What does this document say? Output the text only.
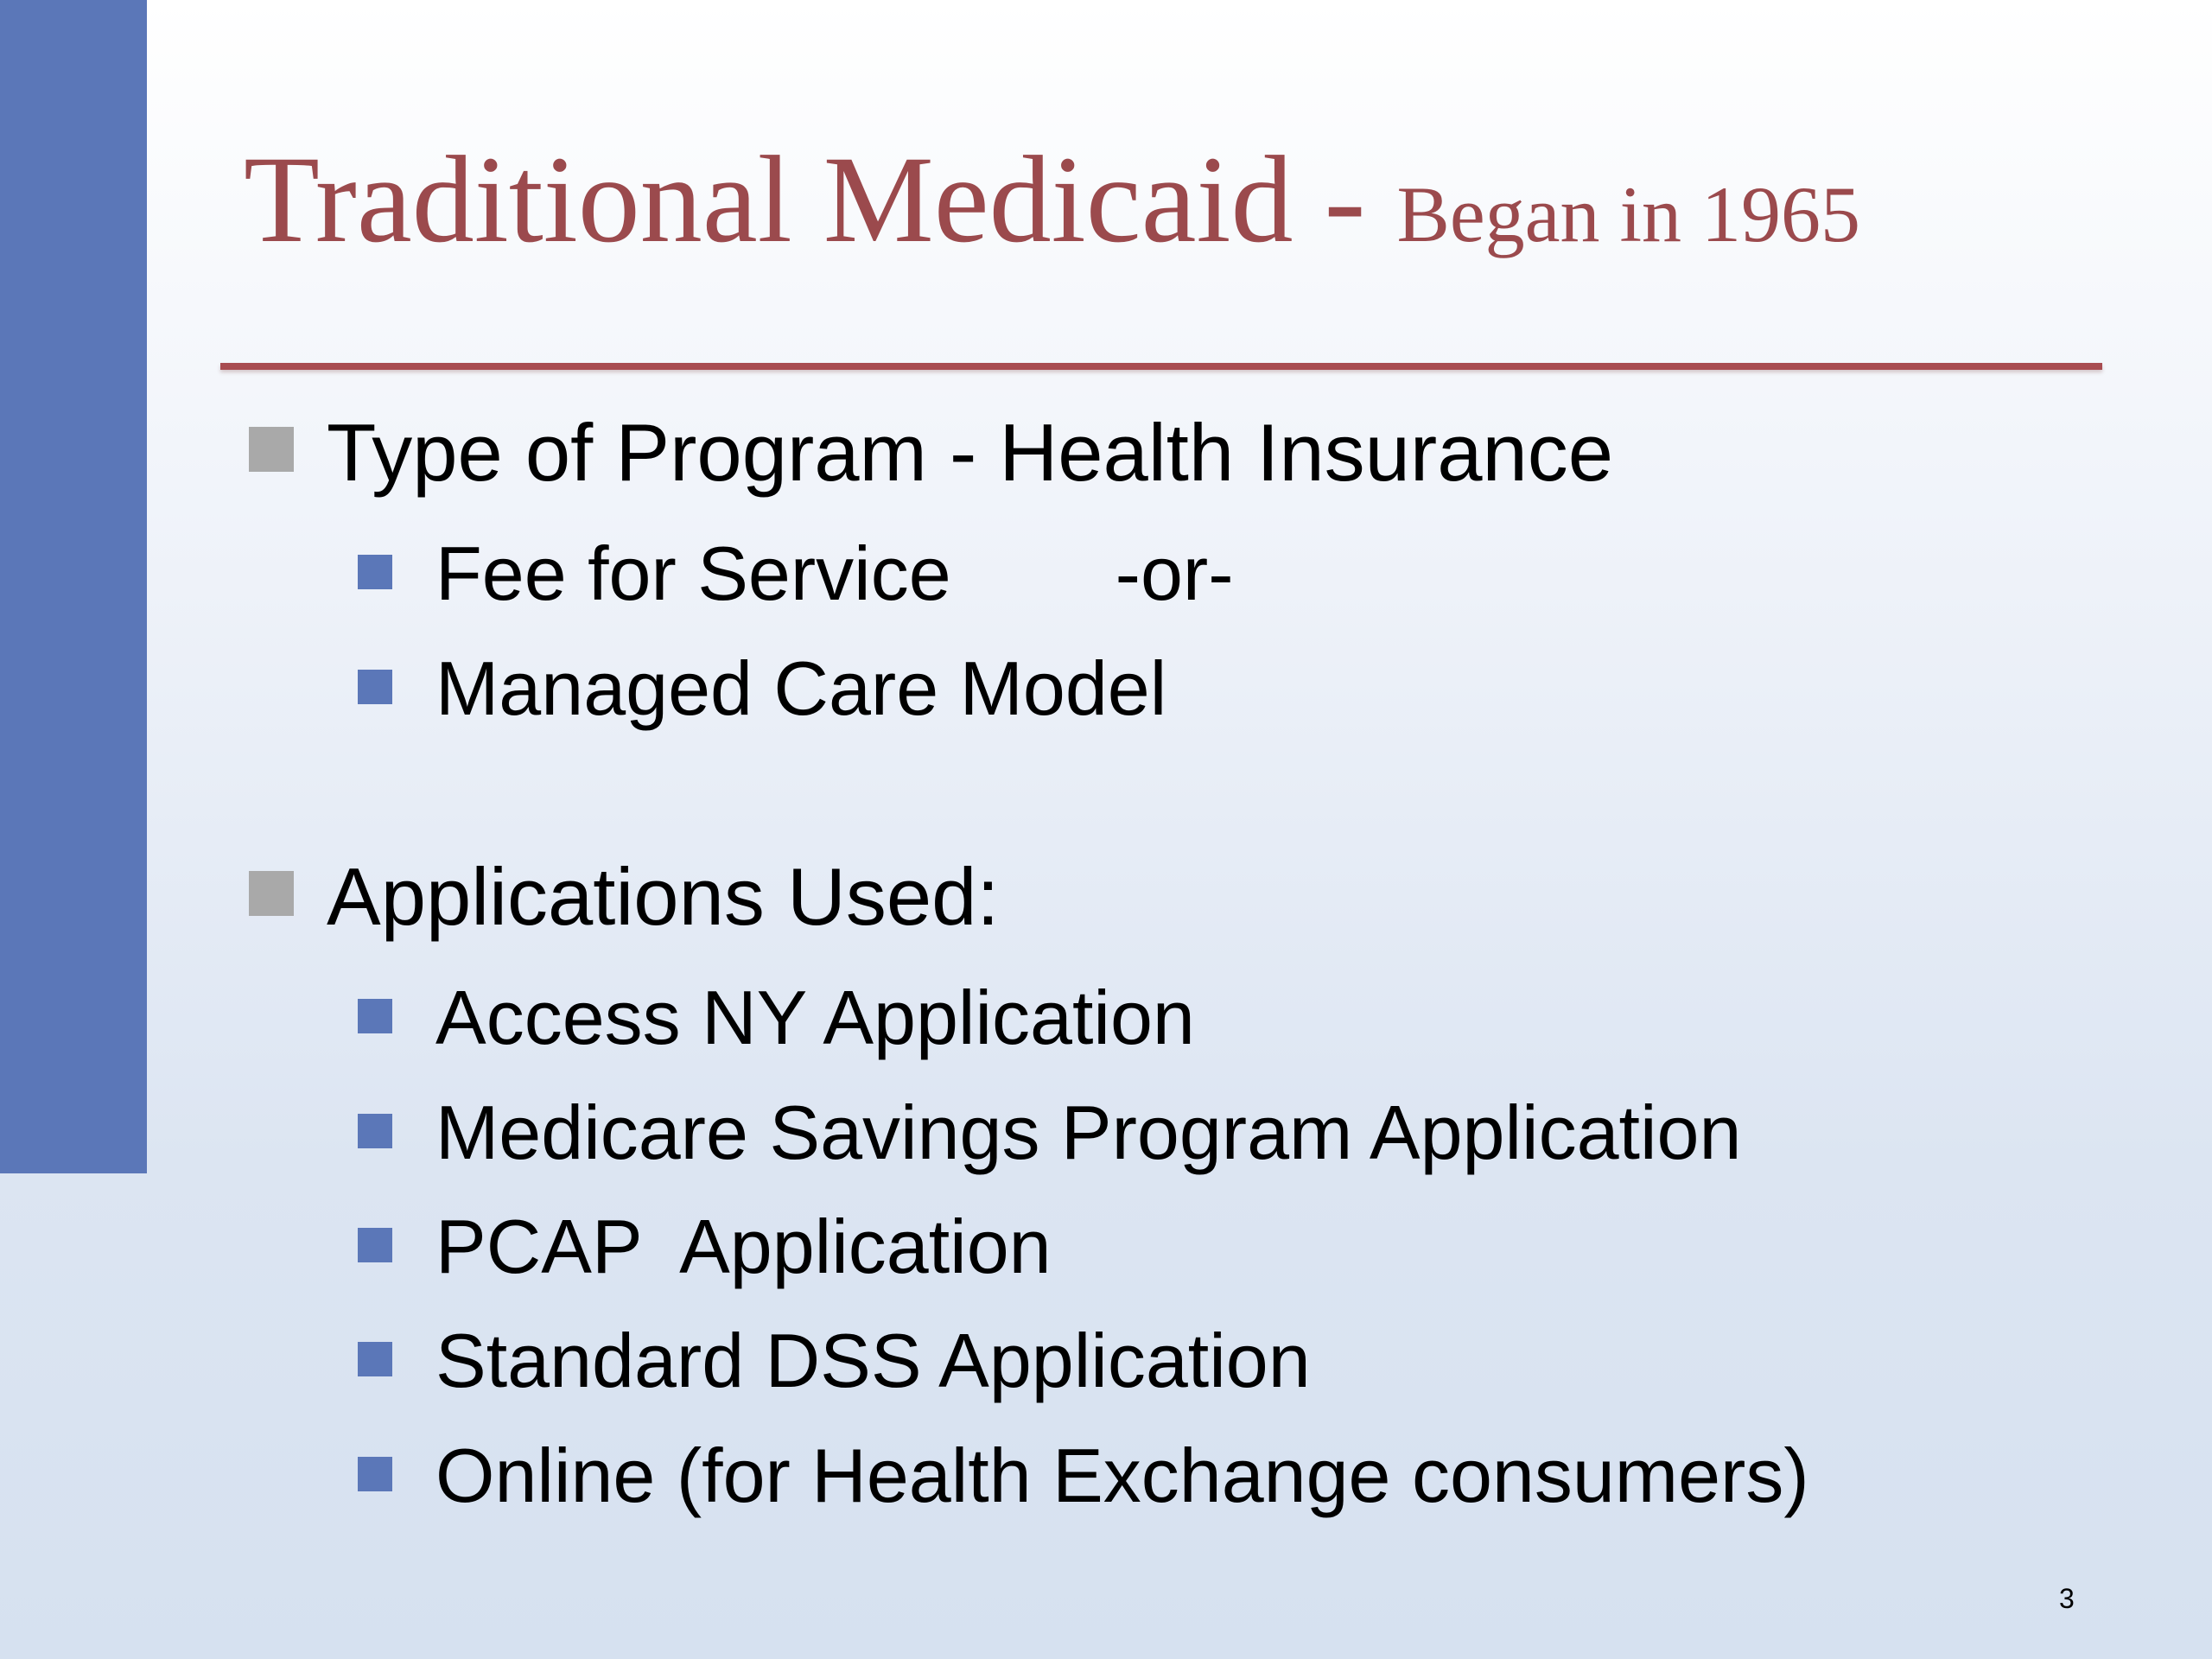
Traditional Medicaid - Began in 1965
Type of Program - Health Insurance
Fee for Service -or-
Managed Care Model
Applications Used:
Access NY Application
Medicare Savings Program Application
PCAP  Application
Standard DSS Application
Online (for Health Exchange consumers)
3
